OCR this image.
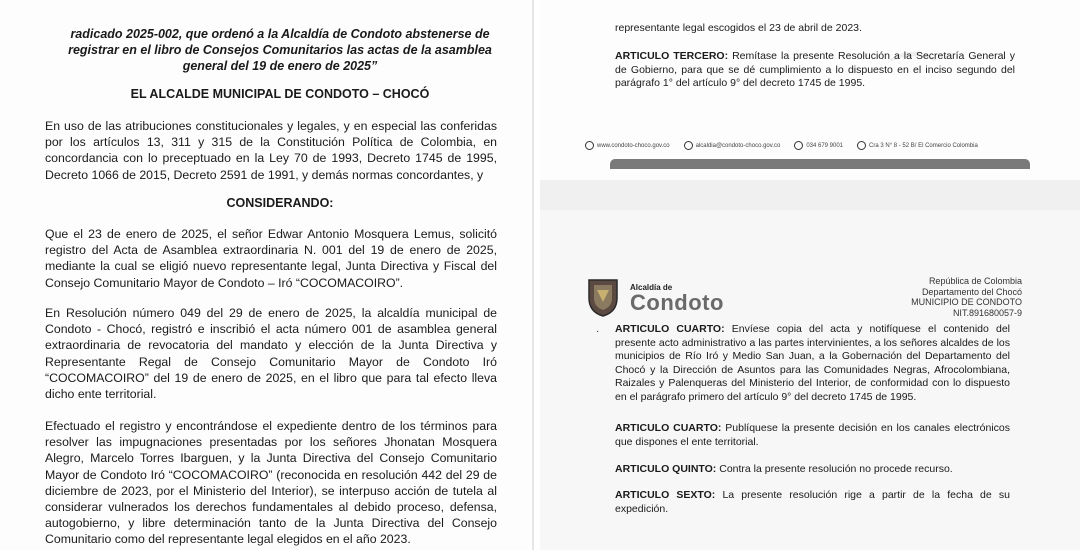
radicado 2025-002, que ordenó a la Alcaldía de Condoto abstenerse de
registrar en el libro de Consejos Comunitarios las actas de la asamblea
general del 19 de enero de 2025”
EL ALCALDE MUNICIPAL DE CONDOTO – CHOCÓ
En uso de las atribuciones constitucionales y legales, y en especial las conferidas por los artículos 13, 311 y 315 de la Constitución Política de Colombia, en concordancia con lo preceptuado en la Ley 70 de 1993, Decreto 1745 de 1995, Decreto 1066 de 2015, Decreto 2591 de 1991, y demás normas concordantes, y
CONSIDERANDO:
Que el 23 de enero de 2025, el señor Edwar Antonio Mosquera Lemus, solicitó registro del Acta de Asamblea extraordinaria N. 001 del 19 de enero de 2025, mediante la cual se eligió nuevo representante legal, Junta Directiva y Fiscal del Consejo Comunitario Mayor de Condoto – Iró “COCOMACOIRO”.
En Resolución número 049 del 29 de enero de 2025, la alcaldía municipal de Condoto - Chocó, registró e inscribió el acta número 001 de asamblea general extraordinaria de revocatoria del mandato y elección de la Junta Directiva y Representante Regal de Consejo Comunitario Mayor de Condoto Iró “COCOMACOIRO” del 19 de enero de 2025, en el libro que para tal efecto lleva dicho ente territorial.
Efectuado el registro y encontrándose el expediente dentro de los términos para resolver las impugnaciones presentadas por los señores Jhonatan Mosquera Alegro, Marcelo Torres Ibarguen, y la Junta Directiva del Consejo Comunitario Mayor de Condoto Iró “COCOMACOIRO” (reconocida en resolución 442 del 29 de diciembre de 2023, por el Ministerio del Interior), se interpuso acción de tutela al considerar vulnerados los derechos fundamentales al debido proceso, defensa, autogobierno, y libre determinación tanto de la Junta Directiva del Consejo Comunitario como del representante legal elegidos en el año 2023.
⌒
representante legal escogidos el 23 de abril de 2023.
ARTICULO TERCERO: Remítase la presente Resolución a la Secretaría General y de Gobierno, para que se dé cumplimiento a lo dispuesto en el inciso segundo del parágrafo 1° del artículo 9° del decreto 1745 de 1995.
www.condoto-choco.gov.co	alcaldia@condoto-choco.gov.co	034 679 9001	Cra 3 N° 8 - 52 B/ El Comercio Colombia
Alcaldía de
Condoto
República de Colombia
Departamento del Chocó
MUNICIPIO DE CONDOTO
NIT.891680057-9
· ARTICULO CUARTO: Envíese copia del acta y notifíquese el contenido del presente acto administrativo a las partes intervinientes, a los señores alcaldes de los municipios de Río Iró y Medio San Juan, a la Gobernación del Departamento del Chocó y la Dirección de Asuntos para las Comunidades Negras, Afrocolombiana, Raizales y Palenqueras del Ministerio del Interior, de conformidad con lo dispuesto en el parágrafo primero del artículo 9° del decreto 1745 de 1995.
ARTICULO CUARTO: Publíquese la presente decisión en los canales electrónicos que dispones el ente territorial.
ARTICULO QUINTO: Contra la presente resolución no procede recurso.
ARTICULO SEXTO: La presente resolución rige a partir de la fecha de su expedición.
